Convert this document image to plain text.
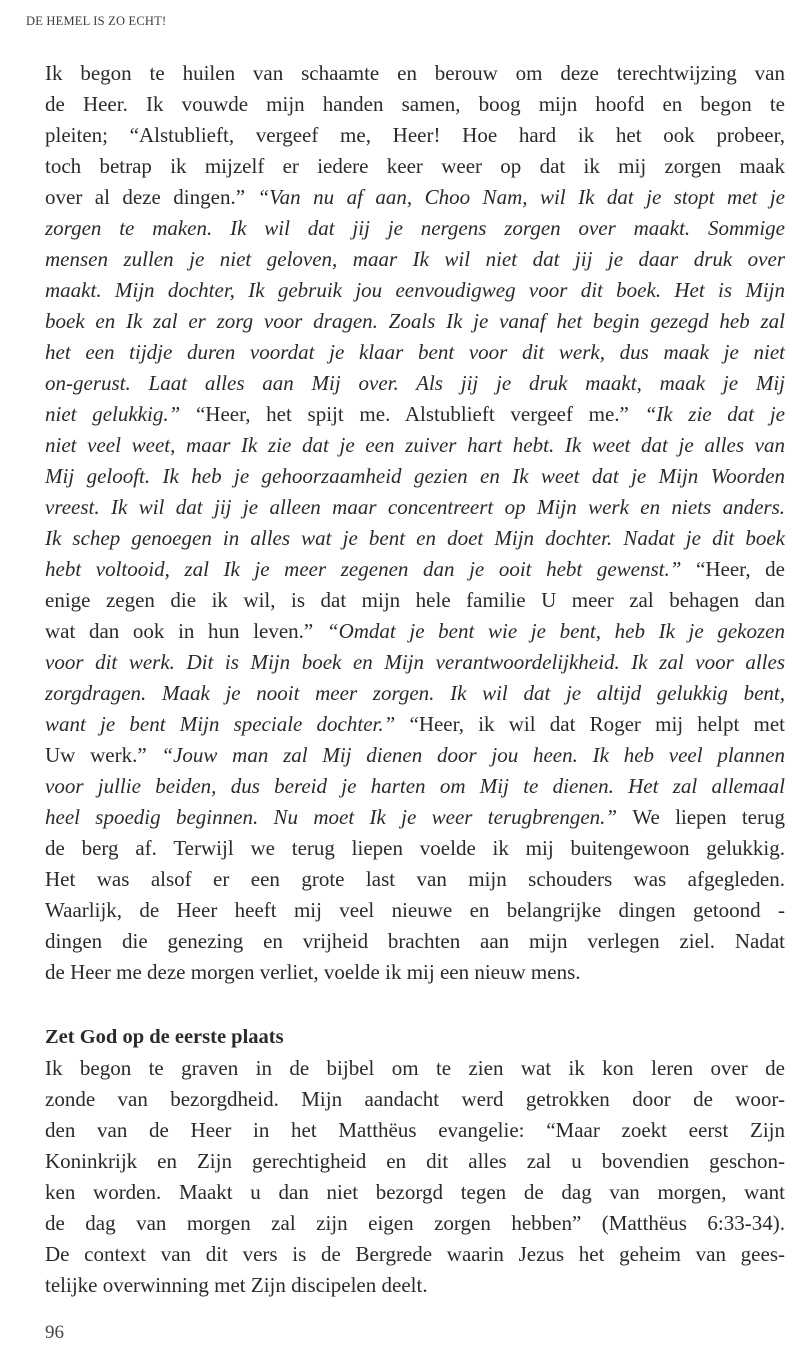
DE HEMEL IS ZO ECHT!
Ik begon te huilen van schaamte en berouw om deze terechtwijzing van
de Heer. Ik vouwde mijn handen samen, boog mijn hoofd en begon te
pleiten; “Alstublieft, vergeef me, Heer! Hoe hard ik het ook probeer,
toch betrap ik mijzelf er iedere keer weer op dat ik mij zorgen maak
over al deze dingen.” “Van nu af aan, Choo Nam, wil Ik dat je stopt met je
zorgen te maken. Ik wil dat jij je nergens zorgen over maakt. Sommige
mensen zullen je niet geloven, maar Ik wil niet dat jij je daar druk over
maakt. Mijn dochter, Ik gebruik jou eenvoudigweg voor dit boek. Het is Mijn
boek en Ik zal er zorg voor dragen. Zoals Ik je vanaf het begin gezegd heb zal
het een tijdje duren voordat je klaar bent voor dit werk, dus maak je niet
on-gerust. Laat alles aan Mij over. Als jij je druk maakt, maak je Mij
niet gelukkig.” “Heer, het spijt me. Alstublieft vergeef me.” “Ik zie dat je
niet veel weet, maar Ik zie dat je een zuiver hart hebt. Ik weet dat je alles van
Mij gelooft. Ik heb je gehoorzaamheid gezien en Ik weet dat je Mijn Woorden
vreest. Ik wil dat jij je alleen maar concentreert op Mijn werk en niets anders.
Ik schep genoegen in alles wat je bent en doet Mijn dochter. Nadat je dit boek
hebt voltooid, zal Ik je meer zegenen dan je ooit hebt gewenst.” “Heer, de
enige zegen die ik wil, is dat mijn hele familie U meer zal behagen dan
wat dan ook in hun leven.” “Omdat je bent wie je bent, heb Ik je gekozen
voor dit werk. Dit is Mijn boek en Mijn verantwoordelijkheid. Ik zal voor alles
zorgdragen. Maak je nooit meer zorgen. Ik wil dat je altijd gelukkig bent,
want je bent Mijn speciale dochter.” “Heer, ik wil dat Roger mij helpt met
Uw werk.” “Jouw man zal Mij dienen door jou heen. Ik heb veel plannen
voor jullie beiden, dus bereid je harten om Mij te dienen. Het zal allemaal
heel spoedig beginnen. Nu moet Ik je weer terugbrengen.” We liepen terug
de berg af. Terwijl we terug liepen voelde ik mij buitengewoon gelukkig.
Het was alsof er een grote last van mijn schouders was afgegleden.
Waarlijk, de Heer heeft mij veel nieuwe en belangrijke dingen getoond -
dingen die genezing en vrijheid brachten aan mijn verlegen ziel. Nadat
de Heer me deze morgen verliet, voelde ik mij een nieuw mens.
Zet God op de eerste plaats
Ik begon te graven in de bijbel om te zien wat ik kon leren over de
zonde van bezorgdheid. Mijn aandacht werd getrokken door de woor-
den van de Heer in het Matthëus evangelie: “Maar zoekt eerst Zijn
Koninkrijk en Zijn gerechtigheid en dit alles zal u bovendien geschon-
ken worden. Maakt u dan niet bezorgd tegen de dag van morgen, want
de dag van morgen zal zijn eigen zorgen hebben” (Matthëus 6:33-34).
De context van dit vers is de Bergrede waarin Jezus het geheim van gees-
telijke overwinning met Zijn discipelen deelt.
96
